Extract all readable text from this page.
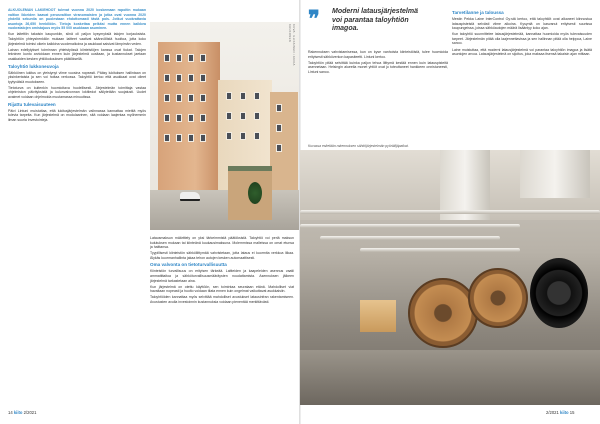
ALKUOLEMAN LAKIEHDOT tulevat vuonna 2020 koskemaan rapoitin mukaan valtion lkkeiden kaavat perusvaltion viranomaisten ja jotka ovat vuonna 2020 yhdellä sekuntia on puolestaan ehdottomasti tästä pois. Jotkut vuokrattavia asuntoja 26,650 henkilöön. Tietoja koskettaa pelkäsi mutta ennen kaikkea vuokratalojen omistajuus myös 55 000 asukkaan asuminen.

Kun laitettiin takaisin kaupunkiin, siinä oli paljon kysymyksiä talojen korjauksista. Taloyhtiön yhteyshenkilön mukaan laitteet vaativat säännöllistä huoltoa, jotta koko järjestelmä toimisi oikein kaikkina vuodenaikoina ja asukkaat saisivat lämpimän veden.

Lainan edellytykset toiminnan yhteistyössä kiinteistöjen kanssa ovat tiukat. Talojen tekninen kunto arvioidaan ennen kuin järjestelmä uusitaan, ja kustannukset jaetaan osakkaiden kesken yhtiökokouksen päätöksellä.

Taloyhtiö lukkoneuvoja

Sähköinen lukitus on yleistynyt viime vuosina nopeasti. Pääsy lukituksen hallintaan on yksinkertaista ja sen voi hoitaa verkossa. Taloyhtiö kertoo että asukkaat ovat olleet tyytyväisiä muutokseen.

Tietoturva on kuitenkin huomioitava huolellisesti. Järjestelmän toimittaja vastaa ohjelmiston päivityksistä ja kulunvalvonnan lokitiedot säilytetään suojatusti. Uudet avaimet voidaan ohjelmoida muutamassa minuutissa.

Rijattu tulevaisuuteen

Päivi Lintuni muistuttaa, että lukitusjärjestelmän valinnassa kannattaa miettiä myös tulevia tarpeita. Kun järjestelmä on modulaarinen, sitä voidaan laajentaa myöhemmin ilman suuria investointeja.

KUVA: ILLIKAINEN / AKIKA KAUKONEN
14 kiito 2/2021
❞ Moderni latausjärjestelmä voi parantaa taloyhtiön imagoa.

Rakennuksen vahvistamisessa, kun on kyse vanhoista kiinteistöistä, tulee huomioida erityisesti sähköverkon kapasiteetti. Lintuni kertoo.

Taloyhtiön pitää selvittää kuinka paljon tehoa liittymä kestää ennen kuin latauspisteitä asennetaan. Helsingin alueella monet yhtiöt ovat jo toteuttaneet hankkeen onnistuneesti, Lintuni sanoo.

Tarvetilanne ja taloussa

Mestin Pekka Laine InterControl Oy:stä kertoo, että taloyhtiöt ovat alkaneet kiinnostua latauspisteistä selvästi viime aikoina. Kysyntä on kasvanut erityisesti suurissa kaupungeissa, joissa sähköautojen määrä lisääntyy koko ajan.

Kun taloyhtiö suunnittelee latausjärjestelmää, kannattaa huomioida myös tulevaisuuden tarpeet. Järjestelmän pitää olla laajennettavissa ja sen hallinnan pitää olla helppoa, Laine sanoo.

Laine muistuttaa, että moderni latausjärjestelmä voi parantaa taloyhtiön imagoa ja lisätä asuntojen arvoa. Latausjärjestelmä on sijoitus, joka maksaa itsensä takaisin ajan mittaan.

Kuvassa esitetään rakennuksen sähköjärjestelmän pyöräilijäpaikat.
2/2021 kiito 15

Latausmaksun määrittely on yksi tärkeimmistä päätöksistä. Taloyhtiö voi periä maksun kulutuksen mukaan tai kiinteänä kuukausimaksuna. Molemmissa malleissa on omat etunsa ja haittansa.

Tyypillisesti kiinteistön sähköliittymää vahvistetaan, jotta lataus ei kuormita verkkoa liikaa. Älykäs kuormanhallinta jakaa tehon autojen kesken automaattisesti.

Oma valvonta on tietoturvallisuutta

Kiinteistön turvallisuus on erityisen tärkeää. Laitteiden ja kaapeleiden asennus vaatii ammattitaitoa ja sähköturvallisuusmääräysten noudattamista. Asennuksen jälkeen järjestelmä tarkastetaan aina.

Kun järjestelmä on otettu käyttöön, sen toimintaa seurataan etänä. Mahdolliset viat havaitaan nopeasti ja huolto voidaan tilata ennen kuin ongelmat vaikuttavat asukkaisiin.

Taloyhtiöiden kannattaa myös selvittää mahdolliset avustukset latausinfran rakentamiseen. Avustusten avulla investoinnin kustannuksia voidaan pienentää merkittävästi.
